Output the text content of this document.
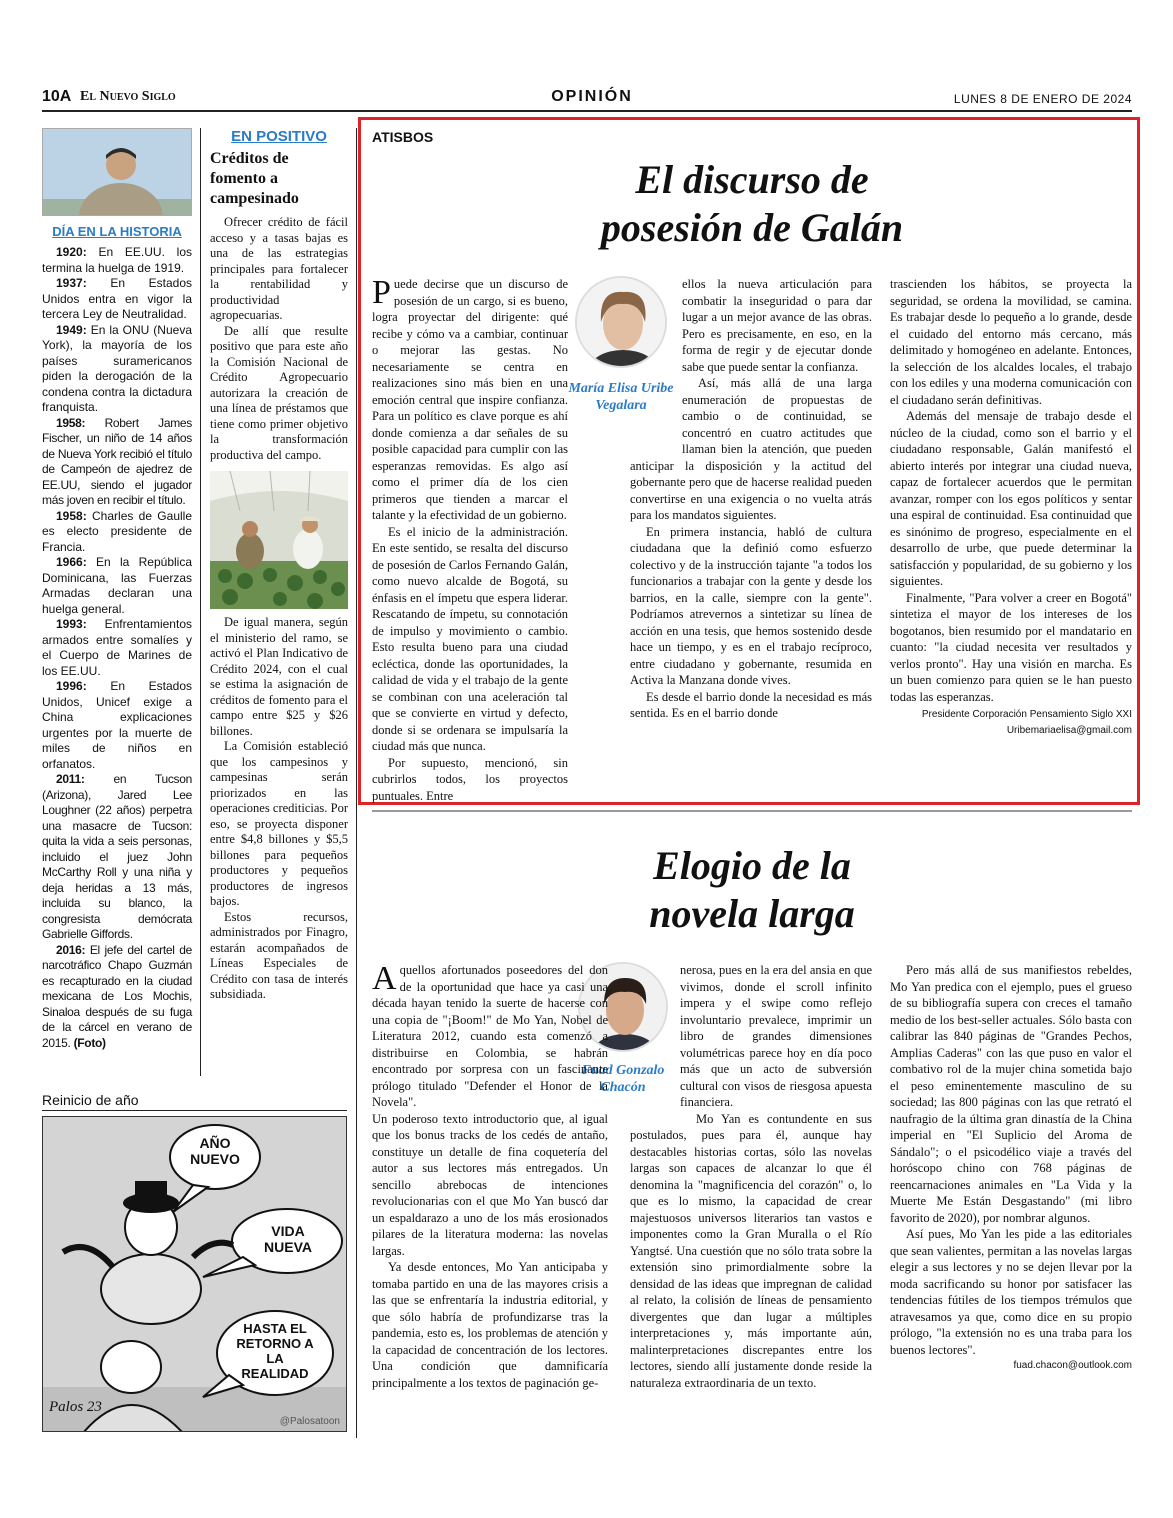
10A El Nuevo Siglo	OPINIÓN	LUNES 8 DE ENERO DE 2024
DÍA EN LA HISTORIA

1920: En EE.UU. los termina la huelga de 1919.

1937: En Estados Unidos entra en vigor la tercera Ley de Neutralidad.

1949: En la ONU (Nueva York), la mayoría de los países suramericanos piden la derogación de la condena contra la dictadura franquista.

1958: Robert James Fischer, un niño de 14 años de Nueva York recibió el título de Campeón de ajedrez de EE.UU, siendo el jugador más joven en recibir el título.

1958: Charles de Gaulle es electo presidente de Francia.

1966: En la República Dominicana, las Fuerzas Armadas declaran una huelga general.

1993: Enfrentamientos armados entre somalíes y el Cuerpo de Marines de los EE.UU.

1996: En Estados Unidos, Unicef exige a China explicaciones urgentes por la muerte de miles de niños en orfanatos.

2011: en Tucson (Arizona), Jared Lee Loughner (22 años) perpetra una masacre de Tucson: quita la vida a seis personas, incluido el juez John McCarthy Roll y una niña y deja heridas a 13 más, incluida su blanco, la congresista demócrata Gabrielle Giffords.

2016: El jefe del cartel de narcotráfico Chapo Guzmán es recapturado en la ciudad mexicana de Los Mochis, Sinaloa después de su fuga de la cárcel en verano de 2015. (Foto)

EN POSITIVO
Créditos de fomento a campesinado

Ofrecer crédito de fácil acceso y a tasas bajas es una de las estrategias principales para fortalecer la rentabilidad y productividad agropecuarias.

De allí que resulte positivo que para este año la Comisión Nacional de Crédito Agropecuario autorizara la creación de una línea de préstamos que tiene como primer objetivo la transformación productiva del campo.

De igual manera, según el ministerio del ramo, se activó el Plan Indicativo de Crédito 2024, con el cual se estima la asignación de créditos de fomento para el campo entre $25 y $26 billones.

La Comisión estableció que los campesinos y campesinas serán priorizados en las operaciones crediticias. Por eso, se proyecta disponer entre $4,8 billones y $5,5 billones para pequeños productores y pequeños productores de ingresos bajos.

Estos recursos, administrados por Finagro, estarán acompañados de Líneas Especiales de Crédito con tasa de interés subsidiada.

Reinicio de año
AÑO NUEVO
VIDA NUEVA
HASTA EL RETORNO A LA REALIDAD
Palos 23
@Palosatoon
ATISBOS
El discurso de
posesión de Galán
María Elisa Uribe Vegalara

Puede decirse que un discurso de posesión de un cargo, si es bueno, logra proyectar del dirigente: qué recibe y cómo va a cambiar, continuar o mejorar las gestas. No necesariamente se centra en realizaciones sino más bien en una emoción central que inspire confianza. Para un político es clave porque es ahí donde comienza a dar señales de su posible capacidad para cumplir con las esperanzas removidas. Es algo así como el primer día de los cien primeros que tienden a marcar el talante y la efectividad de un gobierno.

Es el inicio de la administración. En este sentido, se resalta del discurso de posesión de Carlos Fernando Galán, como nuevo alcalde de Bogotá, su énfasis en el ímpetu que espera liderar. Rescatando de ímpetu, su connotación de impulso y movimiento o cambio. Esto resulta bueno para una ciudad ecléctica, donde las oportunidades, la calidad de vida y el trabajo de la gente se combinan con una aceleración tal que se convierte en virtud y defecto, donde si se ordenara se impulsaría la ciudad más que nunca.

Por supuesto, mencionó, sin cubrirlos todos, los proyectos puntuales. Entre

ellos la nueva articulación para combatir la inseguridad o para dar lugar a un mejor avance de las obras. Pero es precisamente, en eso, en la forma de regir y de ejecutar donde sabe que puede sentar la confianza.

Así, más allá de una larga enumeración de propuestas de cambio o de continuidad, se concentró en cuatro actitudes que llaman bien la atención, que pueden anticipar la disposición y la actitud del gobernante pero que de hacerse realidad pueden convertirse en una exigencia o no vuelta atrás para los mandatos siguientes.

En primera instancia, habló de cultura ciudadana que la definió como esfuerzo colectivo y de la instrucción tajante "a todos los funcionarios a trabajar con la gente y desde los barrios, en la calle, siempre con la gente". Podríamos atrevernos a sintetizar su línea de acción en una tesis, que hemos sostenido desde hace un tiempo, y es en el trabajo recíproco, entre ciudadano y gobernante, resumida en Activa la Manzana donde vives.

Es desde el barrio donde la necesidad es más sentida. Es en el barrio donde

trascienden los hábitos, se proyecta la seguridad, se ordena la movilidad, se camina. Es trabajar desde lo pequeño a lo grande, desde el cuidado del entorno más cercano, más delimitado y homogéneo en adelante. Entonces, la selección de los alcaldes locales, el trabajo con los ediles y una moderna comunicación con el ciudadano serán definitivas.

Además del mensaje de trabajo desde el núcleo de la ciudad, como son el barrio y el ciudadano responsable, Galán manifestó el abierto interés por integrar una ciudad nueva, capaz de fortalecer acuerdos que le permitan avanzar, romper con los egos políticos y sentar una espiral de continuidad. Esa continuidad que es sinónimo de progreso, especialmente en el desarrollo de urbe, que puede determinar la satisfacción y popularidad, de su gobierno y los siguientes.

Finalmente, "Para volver a creer en Bogotá" sintetiza el mayor de los intereses de los bogotanos, bien resumido por el mandatario en cuanto: "la ciudad necesita ver resultados y verlos pronto". Hay una visión en marcha. Es un buen comienzo para quien se le han puesto todas las esperanzas.

Presidente Corporación Pensamiento Siglo XXI
Uribemariaelisa@gmail.com
Elogio de la
novela larga
Fuad Gonzalo Chacón

Aquellos afortunados poseedores del don de la oportunidad que hace ya casi una década hayan tenido la suerte de hacerse con una copia de "¡Boom!" de Mo Yan, Nobel de Literatura 2012, cuando esta comenzó a distribuirse en Colombia, se habrán encontrado por sorpresa con un fascinante prólogo titulado "Defender el Honor de la Novela".

Un poderoso texto introductorio que, al igual que los bonus tracks de los cedés de antaño, constituye un detalle de fina coquetería del autor a sus lectores más entregados. Un sencillo abrebocas de intenciones revolucionarias con el que Mo Yan buscó dar un espaldarazo a uno de los más erosionados pilares de la literatura moderna: las novelas largas.

Ya desde entonces, Mo Yan anticipaba y tomaba partido en una de las mayores crisis a las que se enfrentaría la industria editorial, y que sólo habría de profundizarse tras la pandemia, esto es, los problemas de atención y la capacidad de concentración de los lectores. Una condición que damnificaría principalmente a los textos de paginación ge-

nerosa, pues en la era del ansia en que vivimos, donde el scroll infinito impera y el swipe como reflejo involuntario prevalece, imprimir un libro de grandes dimensiones volumétricas parece hoy en día poco más que un acto de subversión cultural con visos de riesgosa apuesta financiera.

Mo Yan es contundente en sus postulados, pues para él, aunque hay destacables historias cortas, sólo las novelas largas son capaces de alcanzar lo que él denomina la "magnificencia del corazón" o, lo que es lo mismo, la capacidad de crear majestuosos universos literarios tan vastos e imponentes como la Gran Muralla o el Río Yangtsé. Una cuestión que no sólo trata sobre la extensión sino primordialmente sobre la densidad de las ideas que impregnan de calidad al relato, la colisión de líneas de pensamiento divergentes que dan lugar a múltiples interpretaciones y, más importante aún, malinterpretaciones discrepantes entre los lectores, siendo allí justamente donde reside la naturaleza extraordinaria de un texto.

Pero más allá de sus manifiestos rebeldes, Mo Yan predica con el ejemplo, pues el grueso de su bibliografía supera con creces el tamaño medio de los best-seller actuales. Sólo basta con calibrar las 840 páginas de "Grandes Pechos, Amplias Caderas" con las que puso en valor el combativo rol de la mujer china sometida bajo el peso eminentemente masculino de su sociedad; las 800 páginas con las que retrató el naufragio de la última gran dinastía de la China imperial en "El Suplicio del Aroma de Sándalo"; o el psicodélico viaje a través del horóscopo chino con 768 páginas de reencarnaciones animales en "La Vida y la Muerte Me Están Desgastando" (mi libro favorito de 2020), por nombrar algunos.

Así pues, Mo Yan les pide a las editoriales que sean valientes, permitan a las novelas largas elegir a sus lectores y no se dejen llevar por la moda sacrificando su honor por satisfacer las tendencias fútiles de los tiempos trémulos que atravesamos ya que, como dice en su propio prólogo, "la extensión no es una traba para los buenos lectores".

fuad.chacon@outlook.com
